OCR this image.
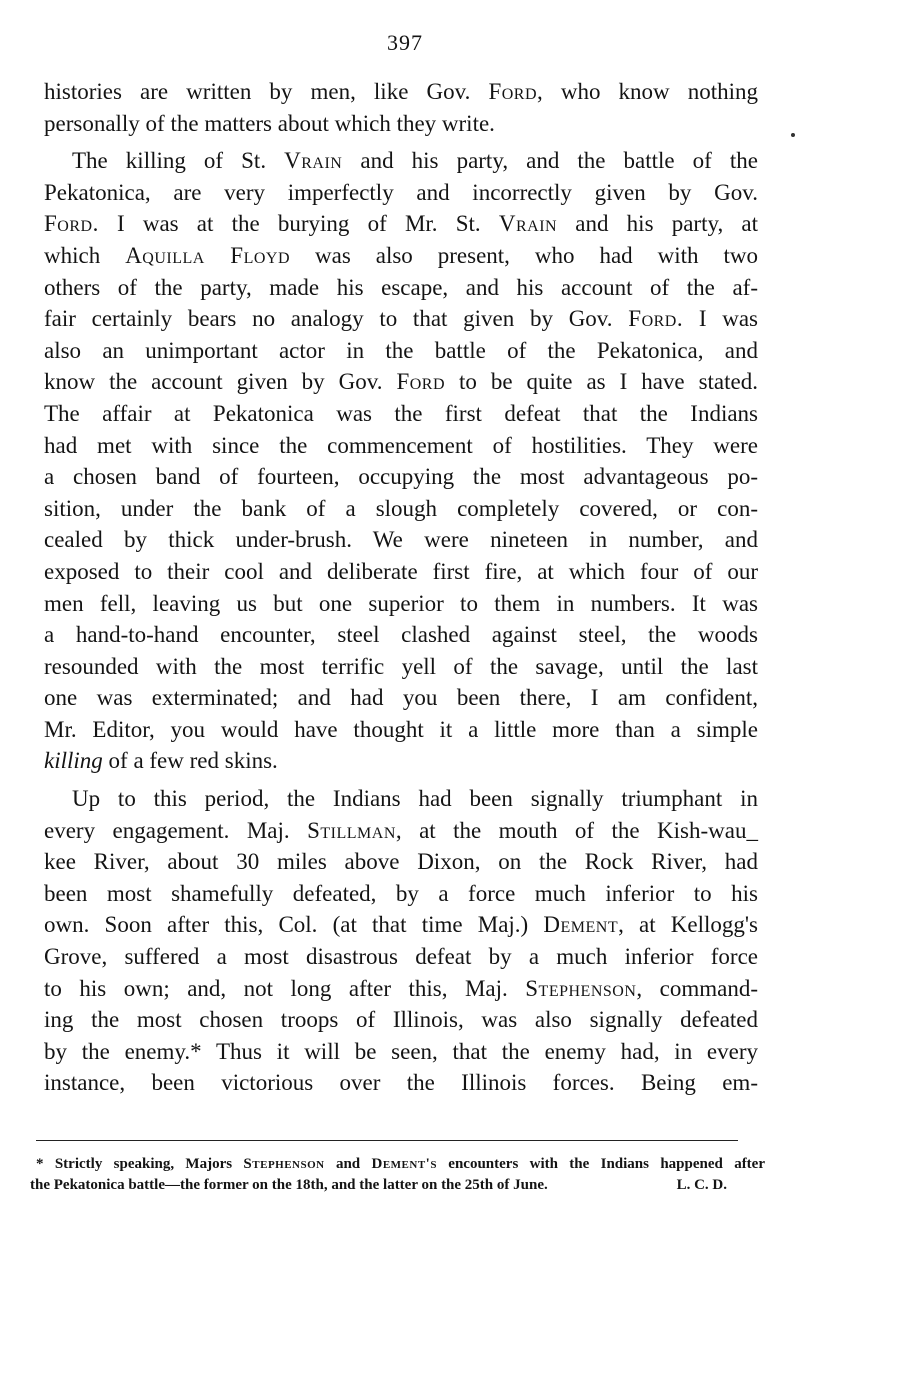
397
histories are written by men, like Gov. Ford, who know nothing
personally of the matters about which they write.
The killing of St. Vrain and his party, and the battle of the
Pekatonica, are very imperfectly and incorrectly given by Gov.
Ford. I was at the burying of Mr. St. Vrain and his party, at
which Aquilla Floyd was also present, who had with two
others of the party, made his escape, and his account of the af-
fair certainly bears no analogy to that given by Gov. Ford. I was
also an unimportant actor in the battle of the Pekatonica, and
know the account given by Gov. Ford to be quite as I have stated.
The affair at Pekatonica was the first defeat that the Indians
had met with since the commencement of hostilities. They were
a chosen band of fourteen, occupying the most advantageous po-
sition, under the bank of a slough completely covered, or con-
cealed by thick under-brush. We were nineteen in number, and
exposed to their cool and deliberate first fire, at which four of our
men fell, leaving us but one superior to them in numbers. It was
a hand-to-hand encounter, steel clashed against steel, the woods
resounded with the most terrific yell of the savage, until the last
one was exterminated; and had you been there, I am confident,
Mr. Editor, you would have thought it a little more than a simple
killing of a few red skins.
Up to this period, the Indians had been signally triumphant in
every engagement. Maj. Stillman, at the mouth of the Kish-wau_
kee River, about 30 miles above Dixon, on the Rock River, had
been most shamefully defeated, by a force much inferior to his
own. Soon after this, Col. (at that time Maj.) Dement, at Kellogg's
Grove, suffered a most disastrous defeat by a much inferior force
to his own; and, not long after this, Maj. Stephenson, command-
ing the most chosen troops of Illinois, was also signally defeated
by the enemy.* Thus it will be seen, that the enemy had, in every
instance, been victorious over the Illinois forces. Being em-
* Strictly speaking, Majors Stephenson and Dement's encounters with the Indians happened after
the Pekatonica battle—the former on the 18th, and the latter on the 25th of June.	L. C. D.
